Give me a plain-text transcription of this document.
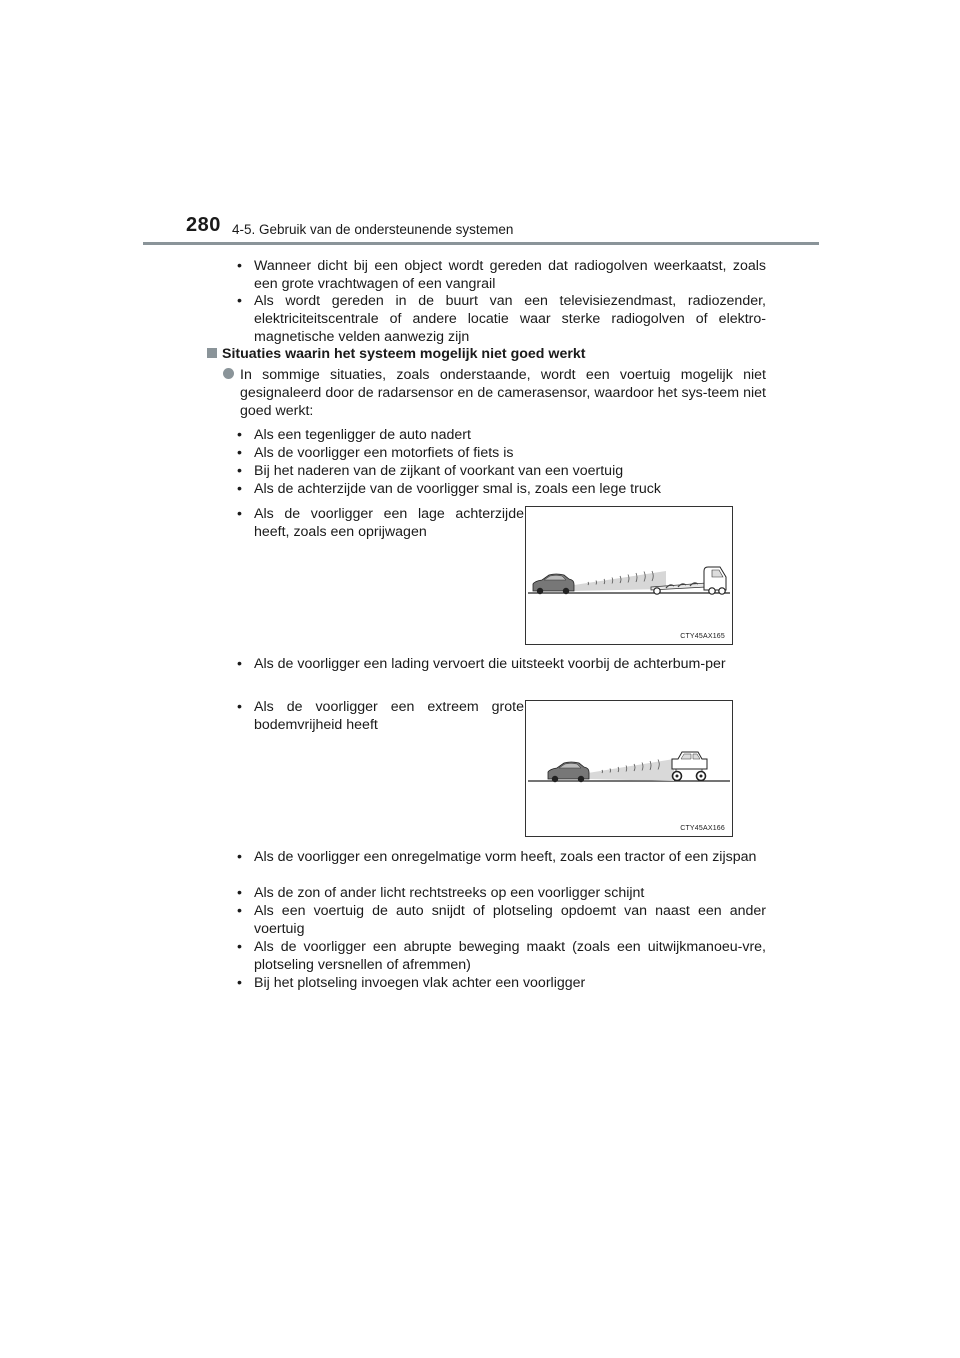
280 4-5. Gebruik van de ondersteunende systemen
• Wanneer dicht bij een object wordt gereden dat radiogolven weerkaatst, zoals een grote vrachtwagen of een vangrail
• Als wordt gereden in de buurt van een televisiezendmast, radiozender, elektriciteitscentrale of andere locatie waar sterke radiogolven of elektro-magnetische velden aanwezig zijn
Situaties waarin het systeem mogelijk niet goed werkt
In sommige situaties, zoals onderstaande, wordt een voertuig mogelijk niet gesignaleerd door de radarsensor en de camerasensor, waardoor het sys-teem niet goed werkt:
• Als een tegenligger de auto nadert
• Als de voorligger een motorfiets of fiets is
• Bij het naderen van de zijkant of voorkant van een voertuig
• Als de achterzijde van de voorligger smal is, zoals een lege truck
• Als de voorligger een lage achterzijde heeft, zoals een oprijwagen
CTY45AX165
• Als de voorligger een lading vervoert die uitsteekt voorbij de achterbum-per
• Als de voorligger een extreem grote bodemvrijheid heeft
CTY45AX166
• Als de voorligger een onregelmatige vorm heeft, zoals een tractor of een zijspan
• Als de zon of ander licht rechtstreeks op een voorligger schijnt
• Als een voertuig de auto snijdt of plotseling opdoemt van naast een ander voertuig
• Als de voorligger een abrupte beweging maakt (zoals een uitwijkmanoeu-vre, plotseling versnellen of afremmen)
• Bij het plotseling invoegen vlak achter een voorligger
